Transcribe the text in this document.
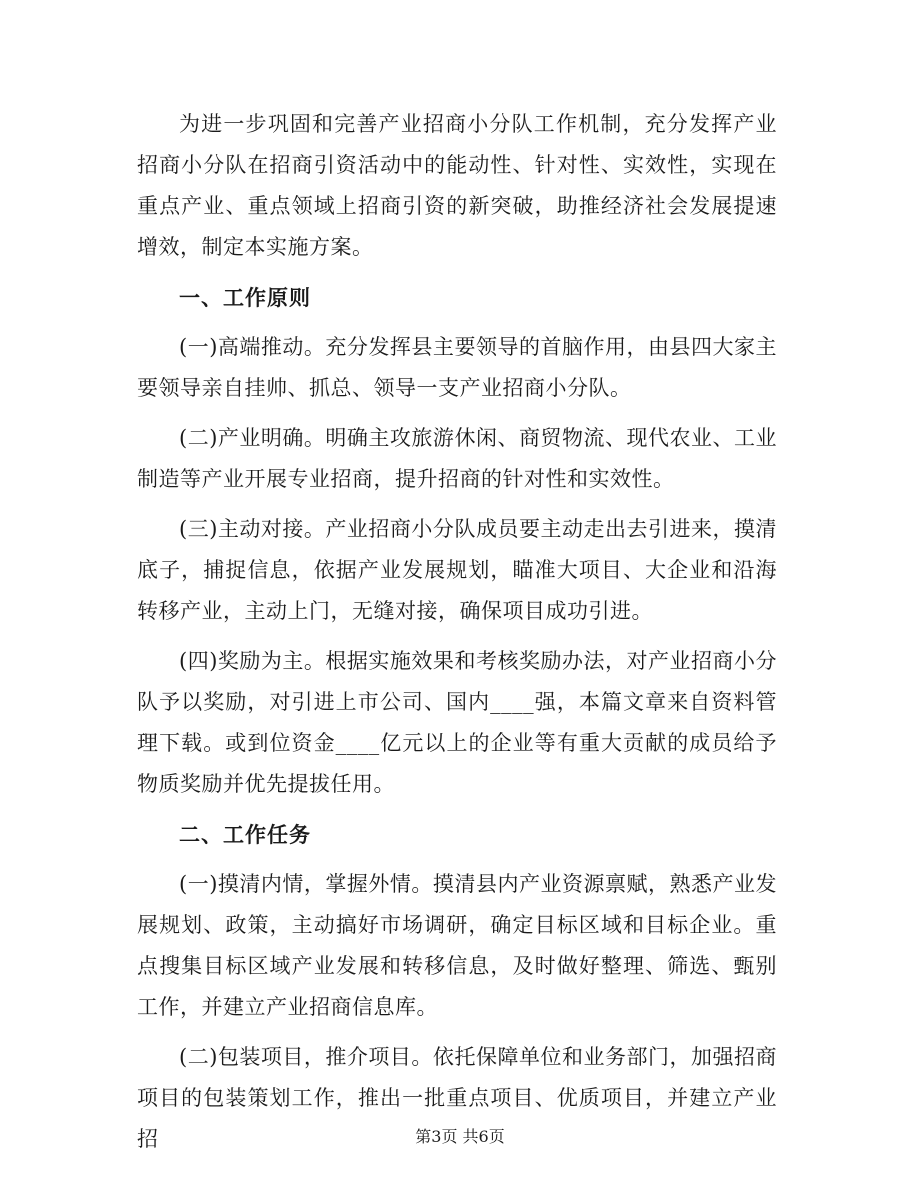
为进一步巩固和完善产业招商小分队工作机制，充分发挥产业招商小分队在招商引资活动中的能动性、针对性、实效性，实现在重点产业、重点领域上招商引资的新突破，助推经济社会发展提速增效，制定本实施方案。

一、工作原则

(一)高端推动。充分发挥县主要领导的首脑作用，由县四大家主要领导亲自挂帅、抓总、领导一支产业招商小分队。

(二)产业明确。明确主攻旅游休闲、商贸物流、现代农业、工业制造等产业开展专业招商，提升招商的针对性和实效性。

(三)主动对接。产业招商小分队成员要主动走出去引进来，摸清底子，捕捉信息，依据产业发展规划，瞄准大项目、大企业和沿海转移产业，主动上门，无缝对接，确保项目成功引进。

(四)奖励为主。根据实施效果和考核奖励办法，对产业招商小分队予以奖励，对引进上市公司、国内____强，本篇文章来自资料管理下载。或到位资金____亿元以上的企业等有重大贡献的成员给予物质奖励并优先提拔任用。

二、工作任务

(一)摸清内情，掌握外情。摸清县内产业资源禀赋，熟悉产业发展规划、政策，主动搞好市场调研，确定目标区域和目标企业。重点搜集目标区域产业发展和转移信息，及时做好整理、筛选、甄别工作，并建立产业招商信息库。

(二)包装项目，推介项目。依托保障单位和业务部门，加强招商项目的包装策划工作，推出一批重点项目、优质项目，并建立产业招	第3页 共6页
